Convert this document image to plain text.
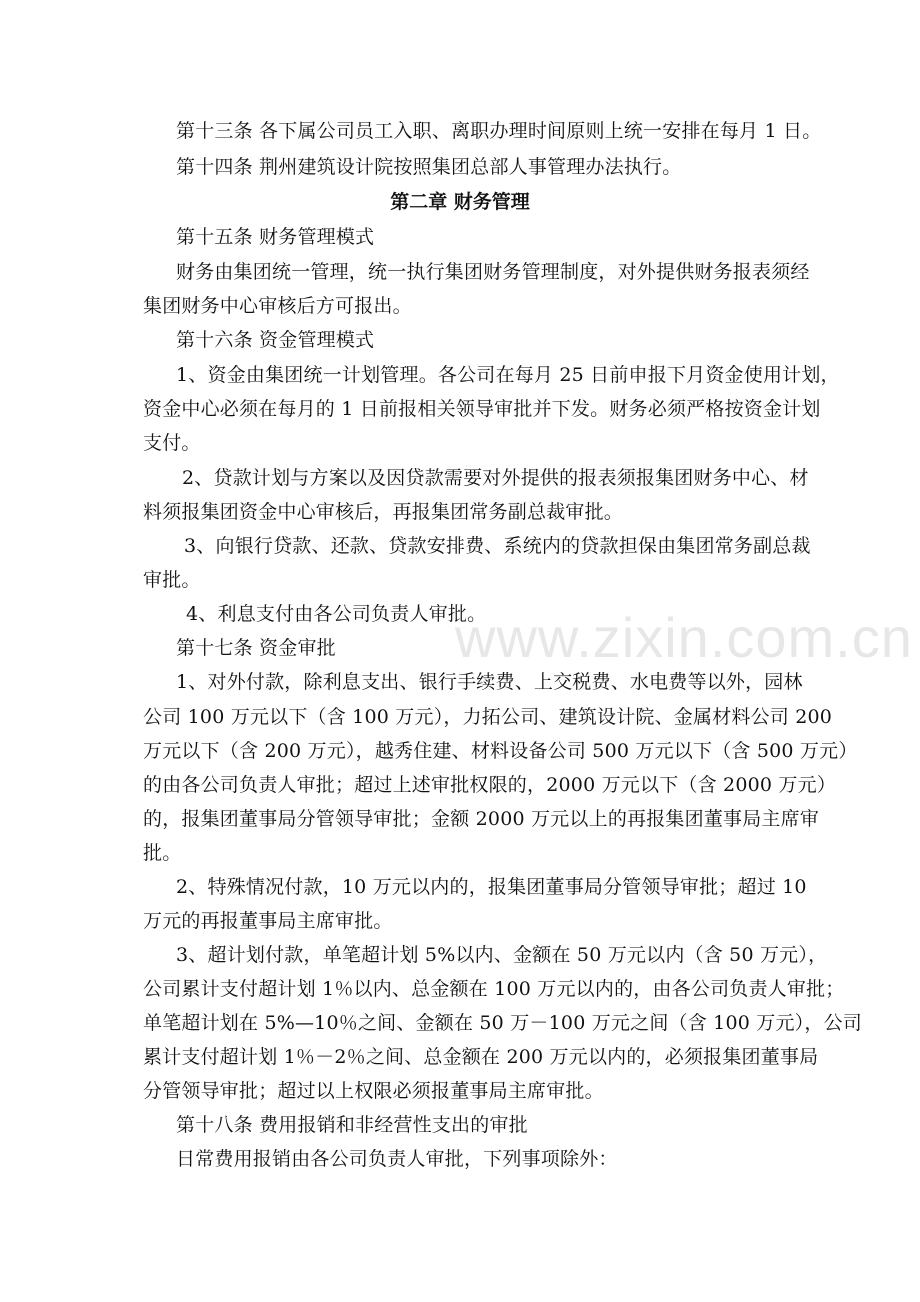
第十三条 各下属公司员工入职、离职办理时间原则上统一安排在每月 1 日。
第十四条 荆州建筑设计院按照集团总部人事管理办法执行。
第二章 财务管理
第十五条 财务管理模式
财务由集团统一管理，统一执行集团财务管理制度，对外提供财务报表须经
集团财务中心审核后方可报出。
第十六条 资金管理模式
1、资金由集团统一计划管理。各公司在每月 25 日前申报下月资金使用计划，
资金中心必须在每月的 1 日前报相关领导审批并下发。财务必须严格按资金计划
支付。
2、贷款计划与方案以及因贷款需要对外提供的报表须报集团财务中心、材
料须报集团资金中心审核后，再报集团常务副总裁审批。
3、向银行贷款、还款、贷款安排费、系统内的贷款担保由集团常务副总裁
审批。
4、利息支付由各公司负责人审批。
第十七条 资金审批
1、对外付款，除利息支出、银行手续费、上交税费、水电费等以外，园林
公司 100 万元以下（含 100 万元），力拓公司、建筑设计院、金属材料公司 200
万元以下（含 200 万元），越秀住建、材料设备公司 500 万元以下（含 500 万元）
的由各公司负责人审批；超过上述审批权限的，2000 万元以下（含 2000 万元）
的，报集团董事局分管领导审批；金额 2000 万元以上的再报集团董事局主席审
批。
2、特殊情况付款，10 万元以内的，报集团董事局分管领导审批；超过 10
万元的再报董事局主席审批。
3、超计划付款，单笔超计划 5%以内、金额在 50 万元以内（含 50 万元），
公司累计支付超计划 1％以内、总金额在 100 万元以内的，由各公司负责人审批；
单笔超计划在 5%—10％之间、金额在 50 万－100 万元之间（含 100 万元），公司
累计支付超计划 1％－2％之间、总金额在 200 万元以内的，必须报集团董事局
分管领导审批；超过以上权限必须报董事局主席审批。
第十八条 费用报销和非经营性支出的审批
日常费用报销由各公司负责人审批，下列事项除外：
www.zixin.com.cn
